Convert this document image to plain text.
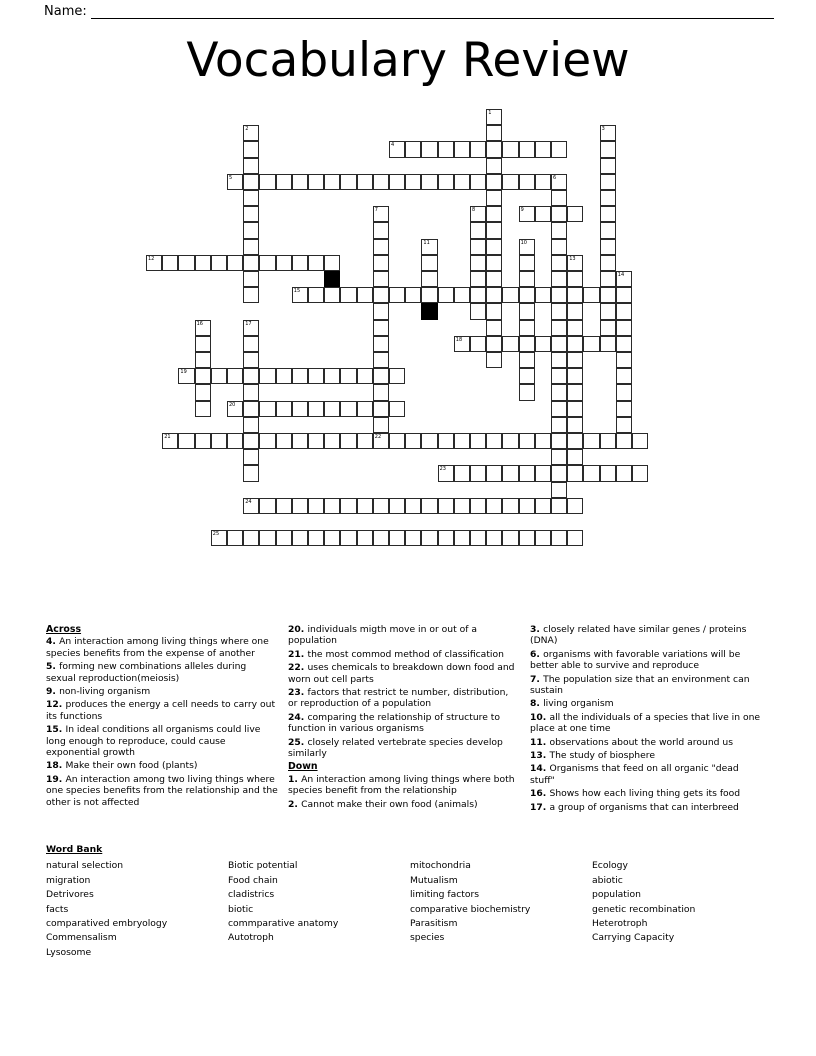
Name:
Vocabulary Review
1
2	3
4
5	6
7	8	9
10
11
12	13
14
15
16	17
18
19
20
21	22
23
24
25
Across
4. An interaction among living things where one species benefits from the expense of another
5. forming new combinations alleles during sexual reproduction(meiosis)
9. non-living organism
12. produces the energy a cell needs to carry out its functions
15. In ideal conditions all organisms could live long enough to reproduce, could cause exponential growth
18. Make their own food (plants)
19. An interaction among two living things where one species benefits from the relationship and the other is not affected
20. individuals migth move in or out of a population
21. the most commod method of classification
22. uses chemicals to breakdown down food and worn out cell parts
23. factors that restrict te number, distribution, or reproduction of a population
24. comparing the relationship of structure to function in various organisms
25. closely related vertebrate species develop similarly
Down
1. An interaction among living things where both species benefit from the relationship
2. Cannot make their own food (animals)
3. closely related have similar genes / proteins (DNA)
6. organisms with favorable variations will be better able to survive and reproduce
7. The population size that an environment can sustain
8. living organism
10. all the individuals of a species that live in one place at one time
11. observations about the world around us
13. The study of biosphere
14. Organisms that feed on all organic "dead stuff"
16. Shows how each living thing gets its food
17. a group of organisms that can interbreed
Word Bank
natural selection
migration
Detrivores
facts
comparatived embryology
Commensalism
Lysosome
Biotic potential
Food chain
cladistrics
biotic
commparative anatomy
Autotroph
mitochondria
Mutualism
limiting factors
comparative biochemistry
Parasitism
species
Ecology
abiotic
population
genetic recombination
Heterotroph
Carrying Capacity
